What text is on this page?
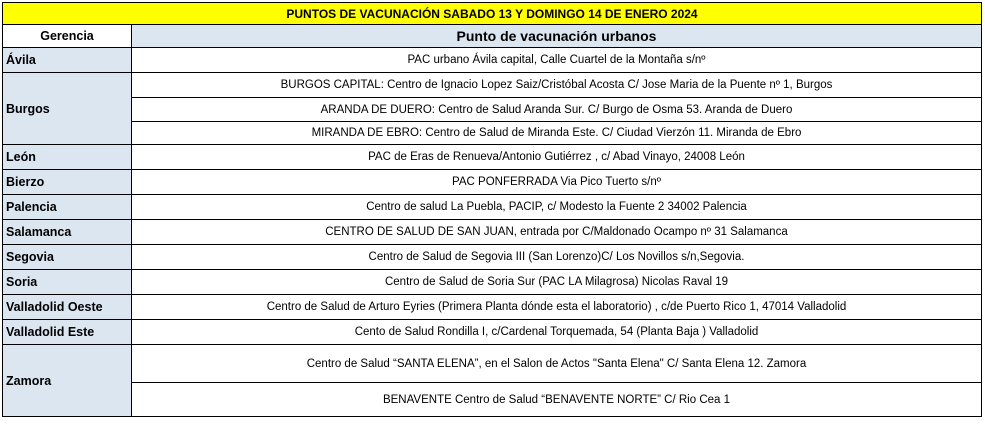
PUNTOS DE VACUNACIÓN SABADO 13 Y DOMINGO 14 DE ENERO 2024	
Gerencia	Punto de vacunación urbanos
Ávila	PAC urbano Ávila capital, Calle Cuartel de la Montaña s/nº
Burgos	BURGOS CAPITAL: Centro de Ignacio Lopez Saiz/Cristóbal Acosta C/ Jose Maria de la Puente nº 1, Burgos
	ARANDA DE DUERO: Centro de Salud Aranda Sur. C/ Burgo de Osma 53. Aranda de Duero
	MIRANDA DE EBRO: Centro de Salud de Miranda Este. C/ Ciudad Vierzón 11. Miranda de Ebro
León	PAC de Eras de Renueva/Antonio Gutiérrez , c/ Abad Vinayo, 24008 León
Bierzo	PAC PONFERRADA Via Pico Tuerto s/nº
Palencia	Centro de salud La Puebla, PACIP, c/ Modesto la Fuente 2 34002 Palencia
Salamanca	CENTRO DE SALUD DE SAN JUAN, entrada por C/Maldonado Ocampo nº 31 Salamanca
Segovia	Centro de Salud de Segovia III (San Lorenzo)C/ Los Novillos s/n,Segovia.
Soria	Centro de Salud de Soria Sur (PAC LA Milagrosa) Nicolas Raval 19
Valladolid Oeste	Centro de Salud de Arturo Eyries (Primera Planta dónde esta el laboratorio) , c/de Puerto Rico 1, 47014 Valladolid
Valladolid Este	Cento de Salud Rondilla I, c/Cardenal Torquemada, 54 (Planta Baja ) Valladolid
Zamora	Centro de Salud “SANTA ELENA”, en el Salon de Actos "Santa Elena" C/ Santa Elena 12. Zamora
	BENAVENTE Centro de Salud “BENAVENTE NORTE” C/ Rio Cea 1
